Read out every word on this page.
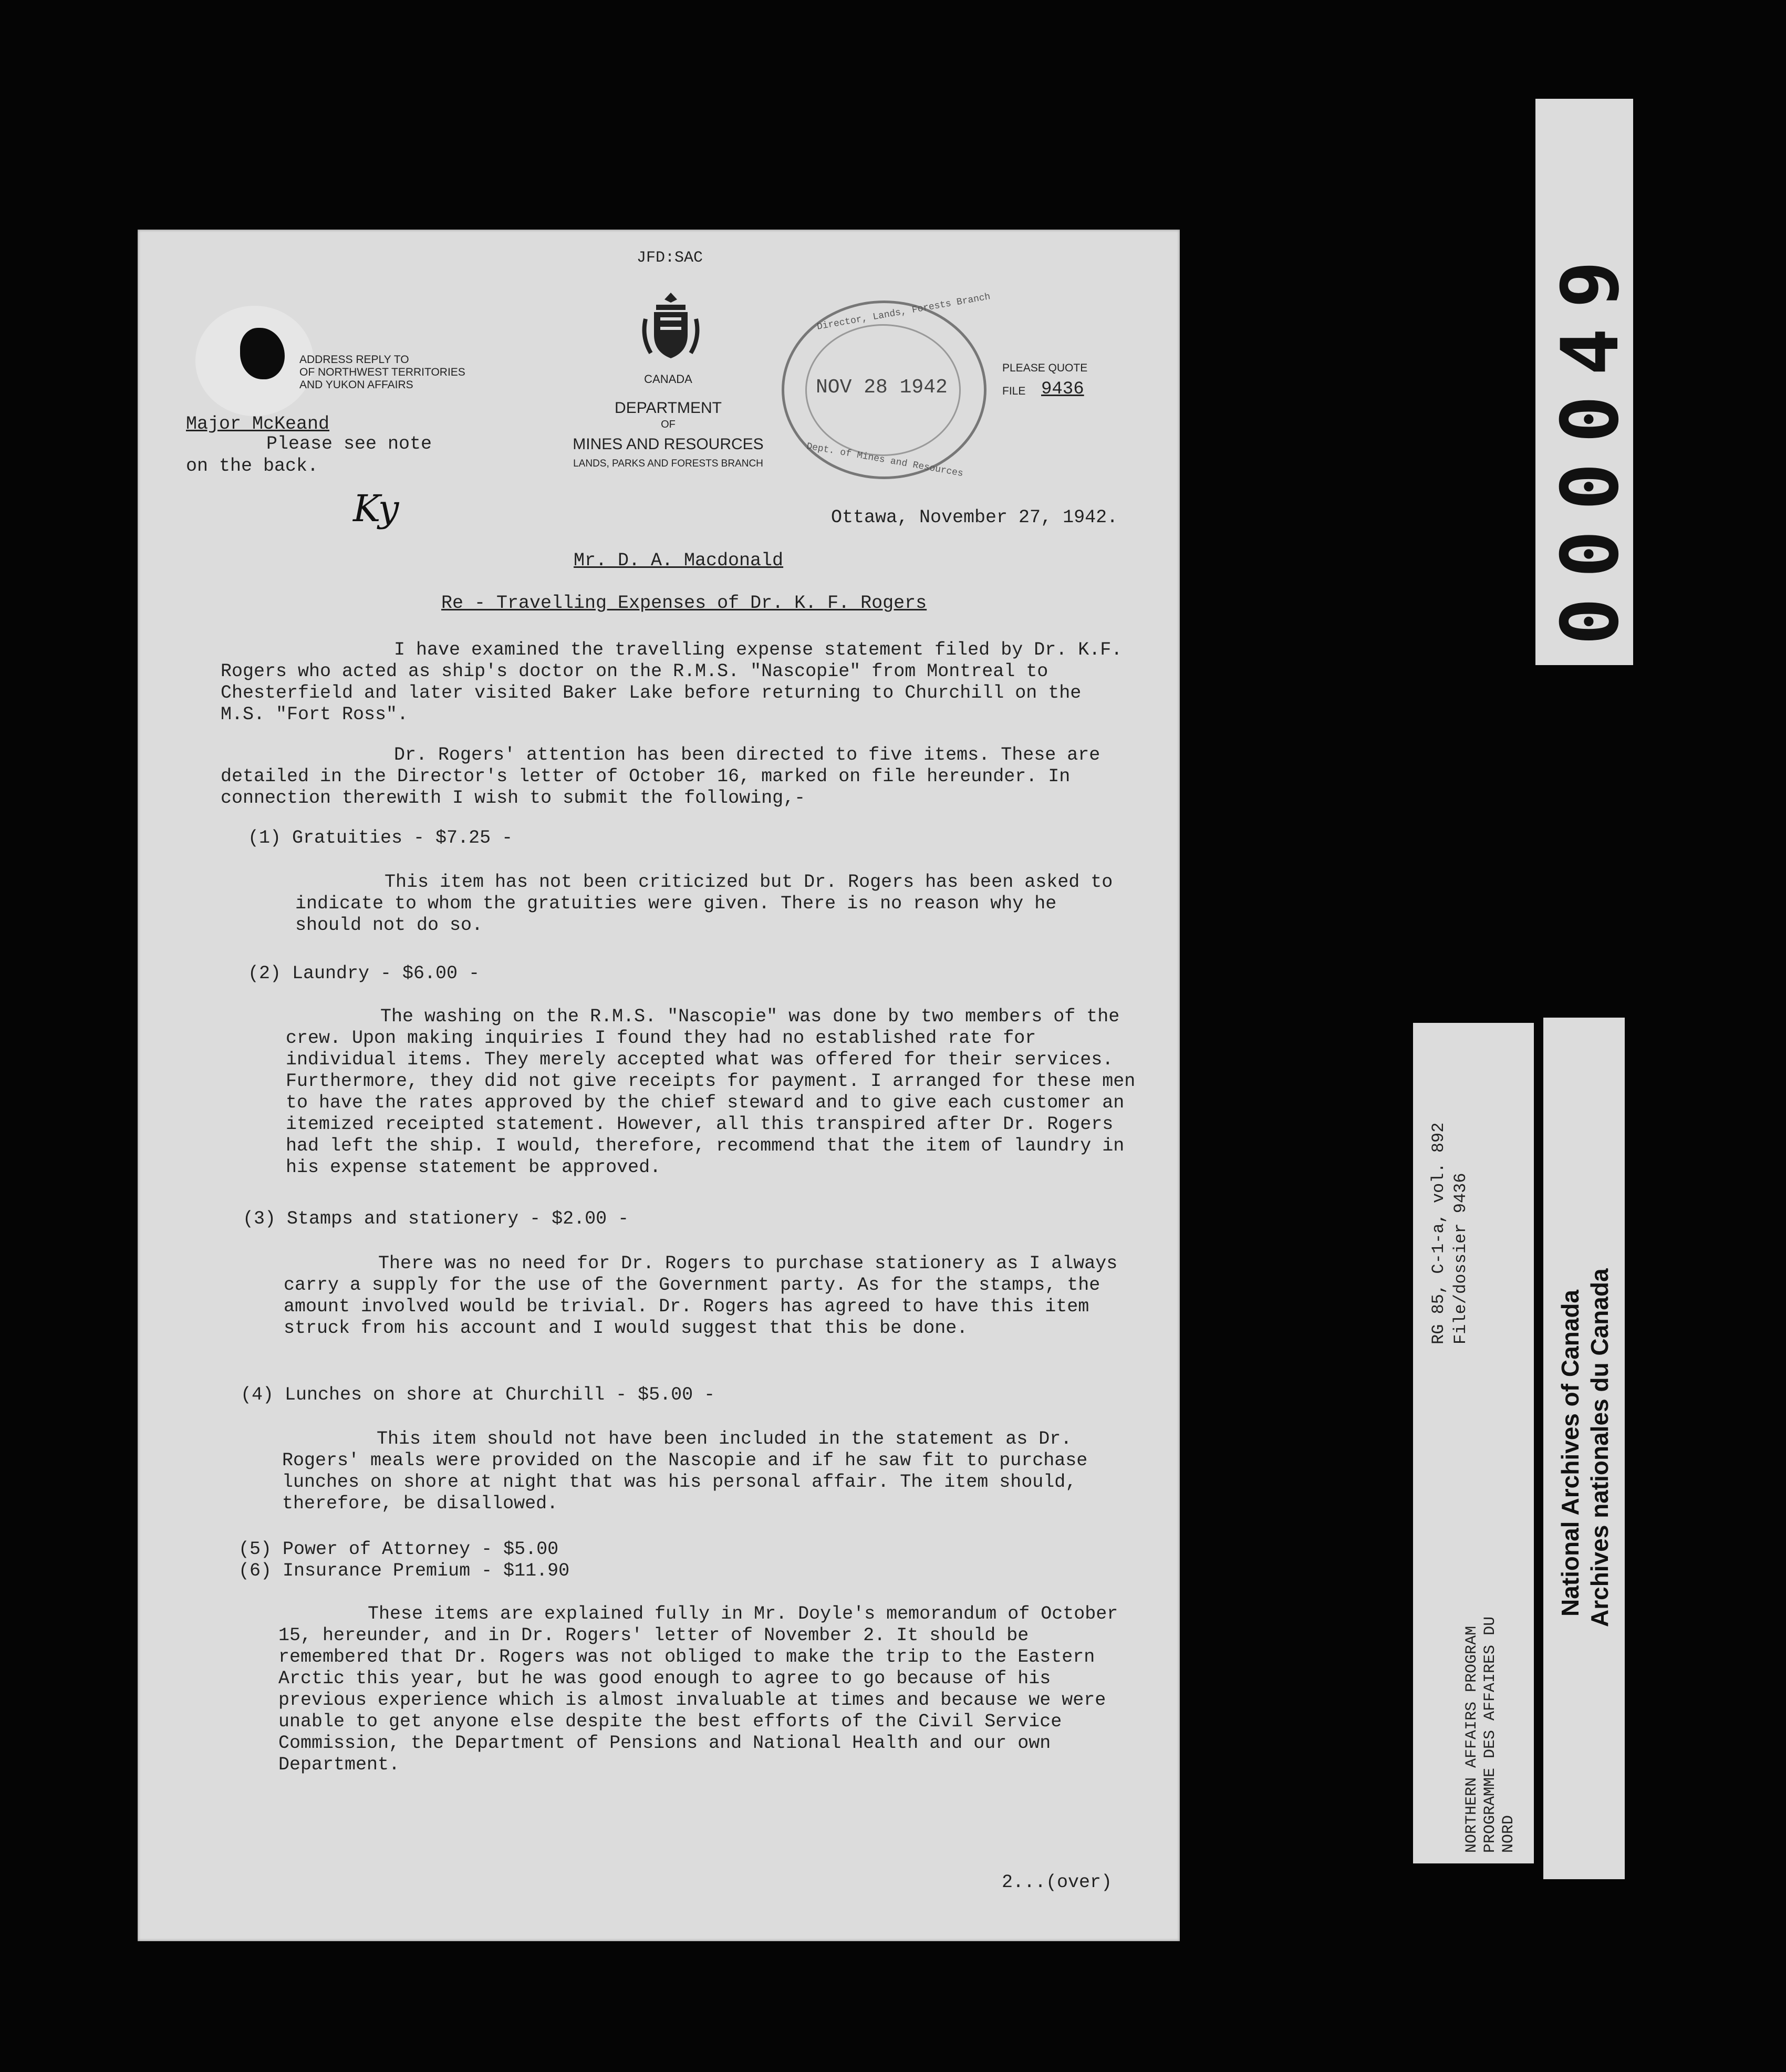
JFD:SAC
ADDRESS REPLY TO
OF NORTHWEST TERRITORIES
AND YUKON AFFAIRS	CANADA
DEPARTMENT
OF
MINES AND RESOURCES
LANDS, PARKS AND FORESTS BRANCH
Director, Lands, Forests Branch
NOV 28 1942
Dept. of Mines and Resources
PLEASE QUOTE
FILE 9436
Major McKeand
Please see note
on the back.
Ky	Ottawa, November 27, 1942.
Mr. D. A. Macdonald
Re - Travelling Expenses of Dr. K. F. Rogers
I have examined the travelling expense statement filed by Dr. K.F. Rogers who acted as ship's doctor on the R.M.S. "Nascopie" from Montreal to Chesterfield and later visited Baker Lake before returning to Churchill on the M.S. "Fort Ross".
Dr. Rogers' attention has been directed to five items. These are detailed in the Director's letter of October 16, marked on file hereunder. In connection therewith I wish to submit the following,-
(1) Gratuities - $7.25 -
This item has not been criticized but Dr. Rogers has been asked to indicate to whom the gratuities were given. There is no reason why he should not do so.
(2) Laundry - $6.00 -
The washing on the R.M.S. "Nascopie" was done by two members of the crew. Upon making inquiries I found they had no established rate for individual items. They merely accepted what was offered for their services. Furthermore, they did not give receipts for payment. I arranged for these men to have the rates approved by the chief steward and to give each customer an itemized receipted statement. However, all this transpired after Dr. Rogers had left the ship. I would, therefore, recommend that the item of laundry in his expense statement be approved.
(3) Stamps and stationery - $2.00 -
There was no need for Dr. Rogers to purchase stationery as I always carry a supply for the use of the Government party. As for the stamps, the amount involved would be trivial. Dr. Rogers has agreed to have this item struck from his account and I would suggest that this be done.
(4) Lunches on shore at Churchill - $5.00 -
This item should not have been included in the statement as Dr. Rogers' meals were provided on the Nascopie and if he saw fit to purchase lunches on shore at night that was his personal affair. The item should, therefore, be disallowed.
(5) Power of Attorney - $5.00
(6) Insurance Premium - $11.90
These items are explained fully in Mr. Doyle's memorandum of October 15, hereunder, and in Dr. Rogers' letter of November 2. It should be remembered that Dr. Rogers was not obliged to make the trip to the Eastern Arctic this year, but he was good enough to agree to go because of his previous experience which is almost invaluable at times and because we were unable to get anyone else despite the best efforts of the Civil Service Commission, the Department of Pensions and National Health and our own Department.
2...(over)
000049
RG 85, C-1-a, vol. 892 File/dossier 9436
NORTHERN AFFAIRS PROGRAM PROGRAMME DES AFFAIRES DU NORD
National Archives of Canada Archives nationales du Canada
